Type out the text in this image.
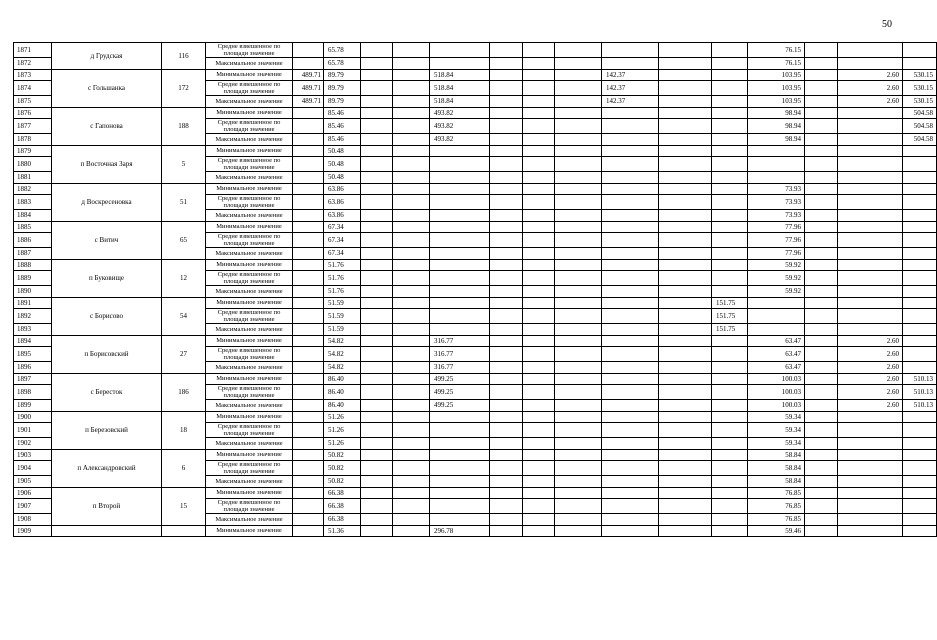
50
1871	д Грудская	116	Средне взвешенное по площади значение		65.78										76.15			
1872			Максимальное значение		65.78										76.15			
1873	с Гольшанка	172	Минимальное значение	489.71	89.79			518.84				142.37			103.95		2.60	530.15
1874			Средне взвешенное по площади значение	489.71	89.79			518.84				142.37			103.95		2.60	530.15
1875			Максимальное значение	489.71	89.79			518.84				142.37			103.95		2.60	530.15
1876	с Гапонова	188	Минимальное значение		85.46			493.82							98.94			504.58
1877			Средне взвешенное по площади значение		85.46			493.82							98.94			504.58
1878			Максимальное значение		85.46			493.82							98.94			504.58
1879	п Восточная Заря	5	Минимальное значение		50.48													
1880			Средне взвешенное по площади значение		50.48													
1881			Максимальное значение		50.48													
1882	д Воскресеновка	51	Минимальное значение		63.86										73.93			
1883			Средне взвешенное по площади значение		63.86										73.93			
1884			Максимальное значение		63.86										73.93			
1885	с Витич	65	Минимальное значение		67.34										77.96			
1886			Средне взвешенное по площади значение		67.34										77.96			
1887			Максимальное значение		67.34										77.96			
1888	п Буковище	12	Минимальное значение		51.76										59.92			
1889			Средне взвешенное по площади значение		51.76										59.92			
1890			Максимальное значение		51.76										59.92			
1891	с Борисово	54	Минимальное значение		51.59									151.75				
1892			Средне взвешенное по площади значение		51.59									151.75				
1893			Максимальное значение		51.59									151.75				
1894	п Борисовский	27	Минимальное значение		54.82			316.77							63.47		2.60	
1895			Средне взвешенное по площади значение		54.82			316.77							63.47		2.60	
1896			Максимальное значение		54.82			316.77							63.47		2.60	
1897	с Бересток	186	Минимальное значение		86.40			499.25							100.03		2.60	510.13
1898			Средне взвешенное по площади значение		86.40			499.25							100.03		2.60	510.13
1899			Максимальное значение		86.40			499.25							100.03		2.60	510.13
1900	п Березовский	18	Минимальное значение		51.26										59.34			
1901			Средне взвешенное по площади значение		51.26										59.34			
1902			Максимальное значение		51.26										59.34			
1903	п Александровский	6	Минимальное значение		50.82										58.84			
1904			Средне взвешенное по площади значение		50.82										58.84			
1905			Максимальное значение		50.82										58.84			
1906	п Второй	15	Минимальное значение		66.38										76.85			
1907			Средне взвешенное по площади значение		66.38										76.85			
1908			Максимальное значение		66.38										76.85			
1909			Минимальное значение		51.36			296.78							59.46			
